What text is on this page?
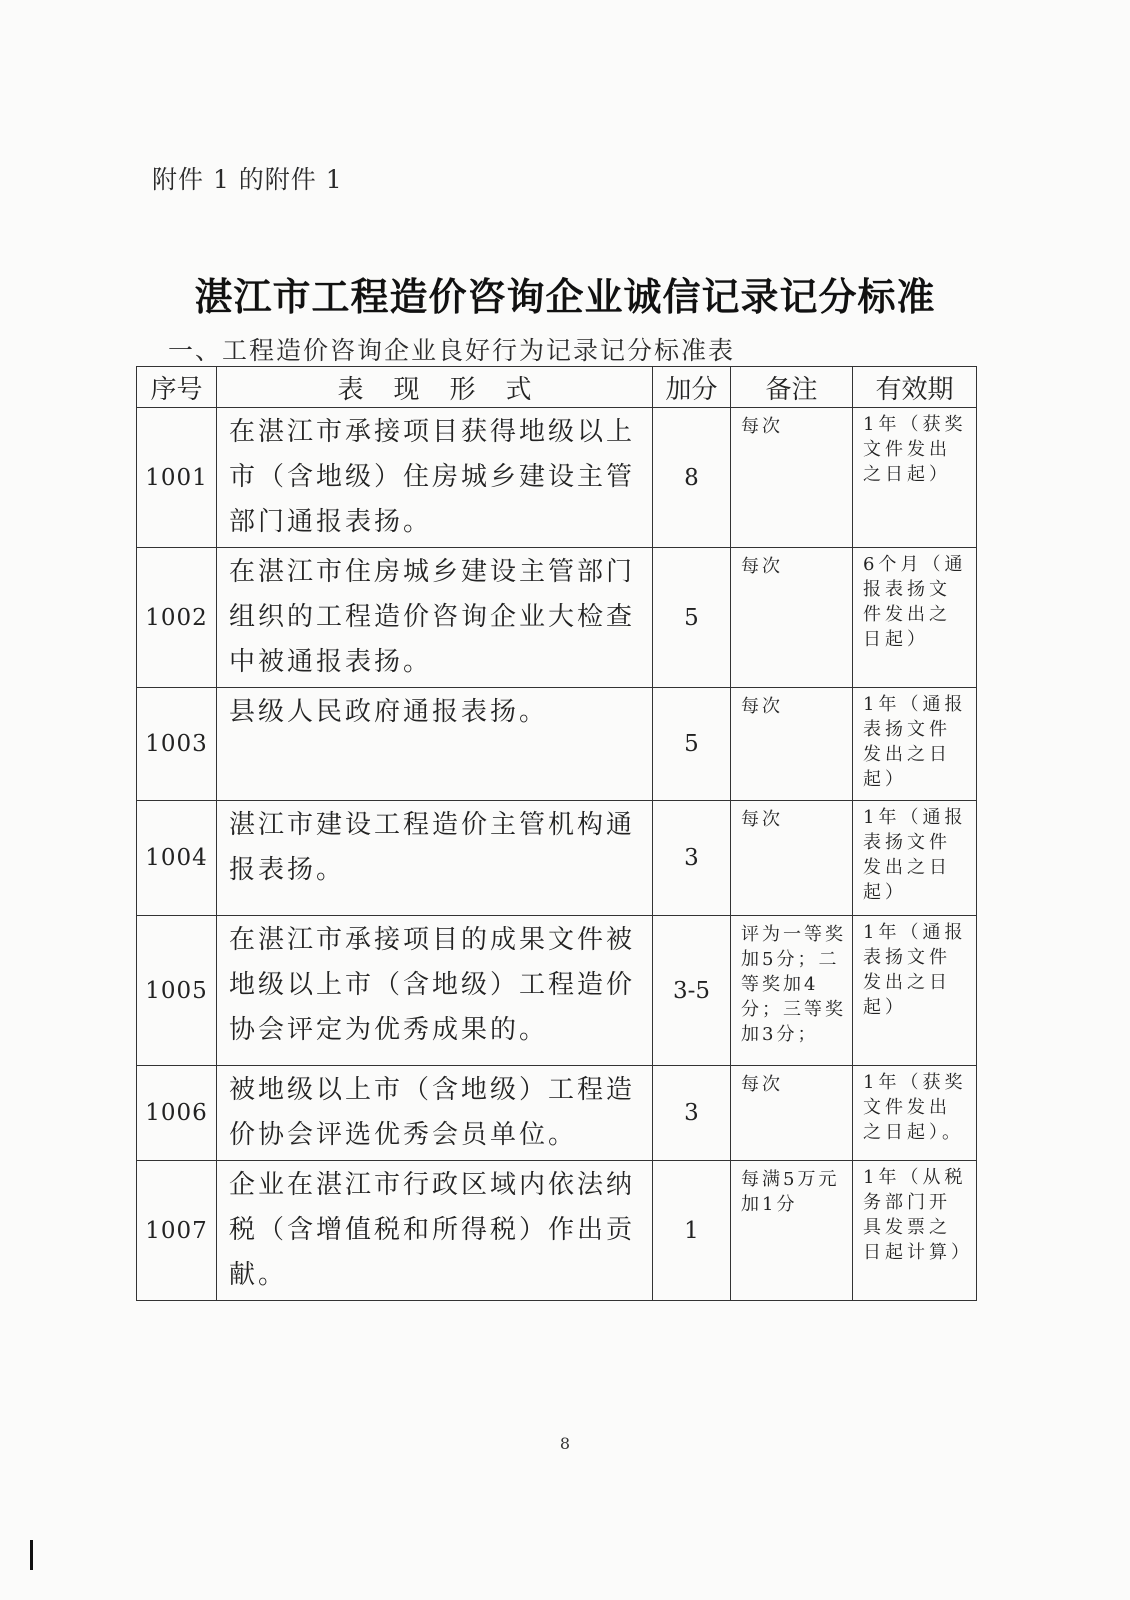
附件 1 的附件 1
湛江市工程造价咨询企业诚信记录记分标准
一、工程造价咨询企业良好行为记录记分标准表
序号	表现形式	加分	备注	有效期
1001	在湛江市承接项目获得地级以上市（含地级）住房城乡建设主管部门通报表扬。	8	每次	1年（获奖文件发出之日起）
1002	在湛江市住房城乡建设主管部门组织的工程造价咨询企业大检查中被通报表扬。	5	每次	6个月（通报表扬文件发出之日起）
1003	县级人民政府通报表扬。	5	每次	1年（通报表扬文件发出之日起）
1004	湛江市建设工程造价主管机构通报表扬。	3	每次	1年（通报表扬文件发出之日起）
1005	在湛江市承接项目的成果文件被地级以上市（含地级）工程造价协会评定为优秀成果的。	3-5	评为一等奖加5分；二等奖加4分；三等奖加3分；	1年（通报表扬文件发出之日起）
1006	被地级以上市（含地级）工程造价协会评选优秀会员单位。	3	每次	1年（获奖文件发出之日起）。
1007	企业在湛江市行政区域内依法纳税（含增值税和所得税）作出贡献。	1	每满5万元加1分	1年（从税务部门开具发票之日起计算）
8
